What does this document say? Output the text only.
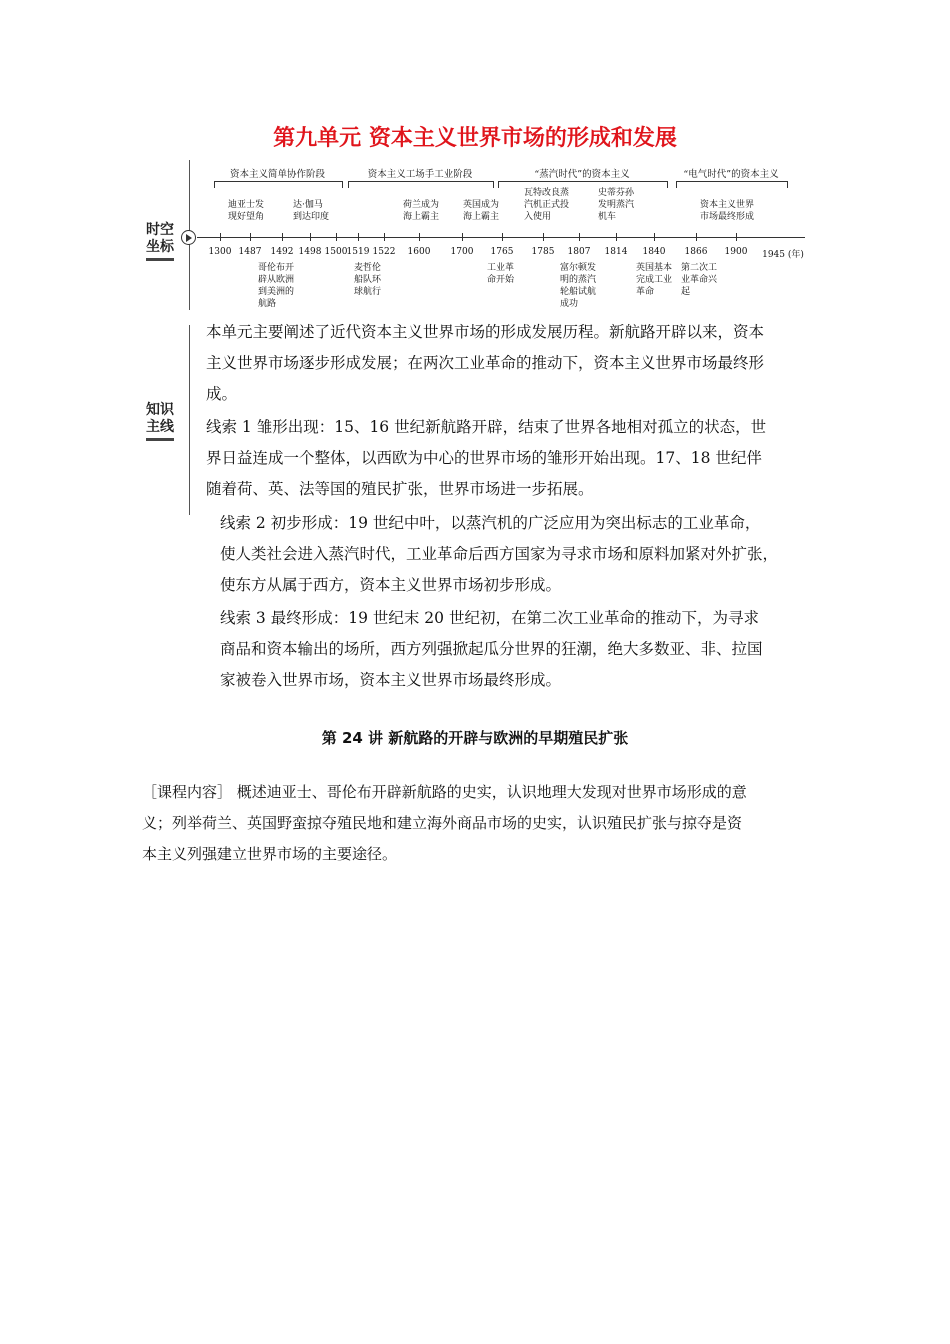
第九单元 资本主义世界市场的形成和发展
时空
坐标
知识
主线
资本主义简单协作阶段	资本主义工场手工业阶段	“蒸汽时代”的资本主义	“电气时代”的资本主义
1300 1487 1492 1498 1500 1519 1522 1600 1700 1765 1785 1807 1814 1840 1866 1900 1945 (年)
迪亚士发
现好望角
达·伽马
到达印度
荷兰成为
海上霸主
英国成为
海上霸主
瓦特改良蒸
汽机正式投
入使用
史蒂芬孙
发明蒸汽
机车
资本主义世界
市场最终形成
哥伦布开
辟从欧洲
到美洲的
航路
麦哲伦
船队环
球航行
工业革
命开始
富尔顿发
明的蒸汽
轮船试航
成功
英国基本
完成工业
革命
第二次工
业革命兴
起
本单元主要阐述了近代资本主义世界市场的形成发展历程。新航路开辟以来，资本
主义世界市场逐步形成发展；在两次工业革命的推动下，资本主义世界市场最终形
成。
线索 1 雏形出现：15、16 世纪新航路开辟，结束了世界各地相对孤立的状态，世
界日益连成一个整体，以西欧为中心的世界市场的雏形开始出现。17、18 世纪伴
随着荷、英、法等国的殖民扩张，世界市场进一步拓展。
线索 2 初步形成：19 世纪中叶，以蒸汽机的广泛应用为突出标志的工业革命，
使人类社会进入蒸汽时代，工业革命后西方国家为寻求市场和原料加紧对外扩张，
使东方从属于西方，资本主义世界市场初步形成。
线索 3 最终形成：19 世纪末 20 世纪初，在第二次工业革命的推动下，为寻求
商品和资本输出的场所，西方列强掀起瓜分世界的狂潮，绝大多数亚、非、拉国
家被卷入世界市场，资本主义世界市场最终形成。
第 24 讲 新航路的开辟与欧洲的早期殖民扩张
［课程内容］ 概述迪亚士、哥伦布开辟新航路的史实，认识地理大发现对世界市场形成的意
义；列举荷兰、英国野蛮掠夺殖民地和建立海外商品市场的史实，认识殖民扩张与掠夺是资
本主义列强建立世界市场的主要途径。
